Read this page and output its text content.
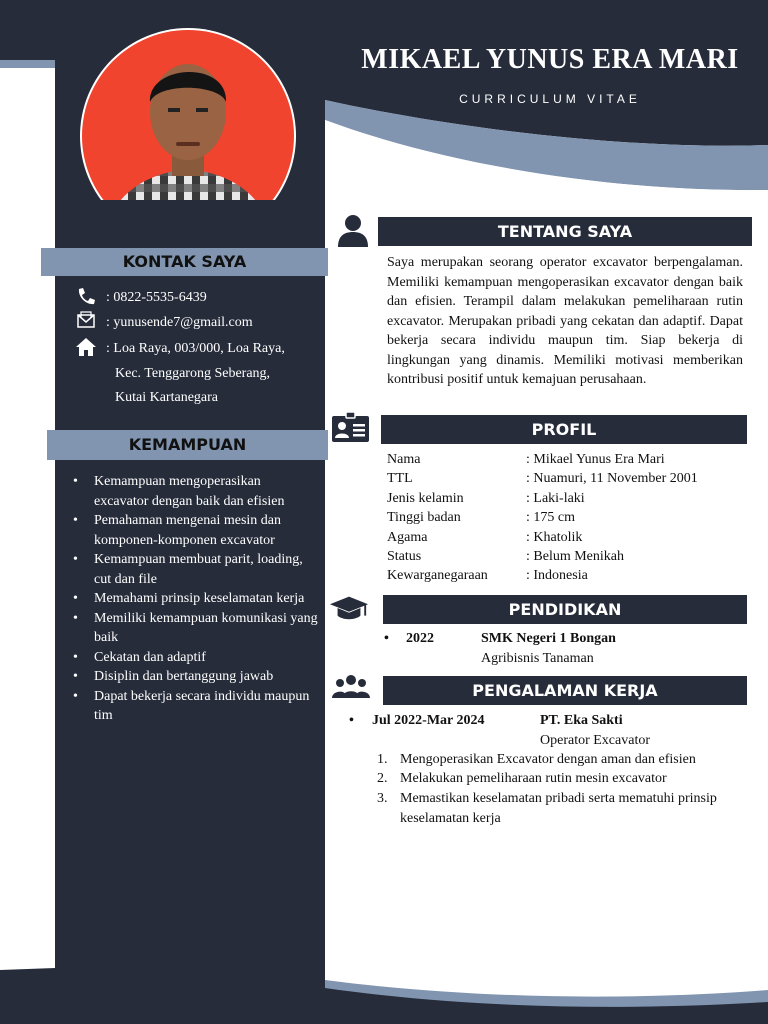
MIKAEL YUNUS ERA MARI
CURRICULUM VITAE
KONTAK SAYA
: 0822-5535-6439
: yunusende7@gmail.com
: Loa Raya, 003/000, Loa Raya,
Kec. Tenggarong Seberang,
Kutai Kartanegara
KEMAMPUAN
• Kemampuan mengoperasikan excavator dengan baik dan efisien
• Pemahaman mengenai mesin dan komponen-komponen excavator
• Kemampuan membuat parit, loading, cut dan file
• Memahami prinsip keselamatan kerja
• Memiliki kemampuan komunikasi yang baik
• Cekatan dan adaptif
• Disiplin dan bertanggung jawab
• Dapat bekerja secara individu maupun tim
TENTANG SAYA
Saya merupakan seorang operator excavator berpengalaman. Memiliki kemampuan mengoperasikan excavator dengan baik dan efisien. Terampil dalam melakukan pemeliharaan rutin excavator. Merupakan pribadi yang cekatan dan adaptif. Dapat bekerja secara individu maupun tim. Siap bekerja di lingkungan yang dinamis. Memiliki motivasi memberikan kontribusi positif untuk kemajuan perusahaan.
PROFIL
Nama	: Mikael Yunus Era Mari
TTL	: Nuamuri, 11 November 2001
Jenis kelamin	: Laki-laki
Tinggi badan	: 175 cm
Agama	: Khatolik
Status	: Belum Menikah
Kewarganegaraan	: Indonesia
PENDIDIKAN
• 2022	SMK Negeri 1 Bongan
Agribisnis Tanaman
PENGALAMAN KERJA
• Jul 2022-Mar 2024	PT. Eka Sakti
Operator Excavator
1. Mengoperasikan Excavator dengan aman dan efisien
2. Melakukan pemeliharaan rutin mesin excavator
3. Memastikan keselamatan pribadi serta mematuhi prinsip keselamatan kerja
